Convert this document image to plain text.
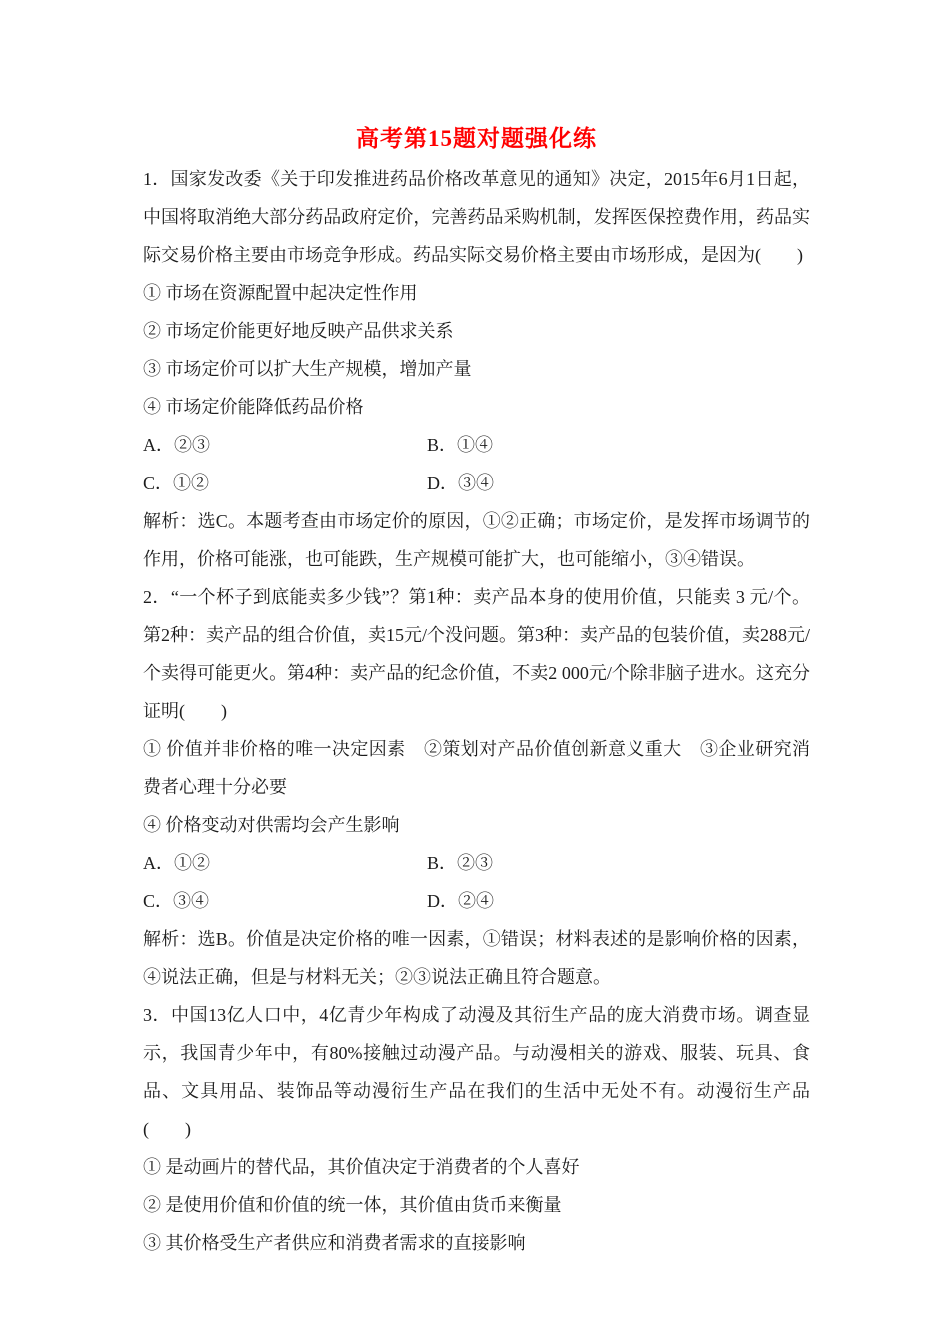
高考第15题对题强化练

1．国家发改委《关于印发推进药品价格改革意见的通知》决定，2015年6月1日起，中国将取消绝大部分药品政府定价，完善药品采购机制，发挥医保控费作用，药品实际交易价格主要由市场竞争形成。药品实际交易价格主要由市场形成，是因为(　　)

① 市场在资源配置中起决定性作用

② 市场定价能更好地反映产品供求关系

③ 市场定价可以扩大生产规模，增加产量

④ 市场定价能降低药品价格

A．②③	B．①④
C．①②	D．③④

解析：选C。本题考查由市场定价的原因，①②正确；市场定价，是发挥市场调节的作用，价格可能涨，也可能跌，生产规模可能扩大，也可能缩小，③④错误。

2．“一个杯子到底能卖多少钱”？第1种：卖产品本身的使用价值，只能卖 3 元/个。第2种：卖产品的组合价值，卖15元/个没问题。第3种：卖产品的包装价值，卖288元/个卖得可能更火。第4种：卖产品的纪念价值，不卖2 000元/个除非脑子进水。这充分证明(　　)

① 价值并非价格的唯一决定因素　②策划对产品价值创新意义重大　③企业研究消费者心理十分必要

④ 价格变动对供需均会产生影响

A．①②	B．②③
C．③④	D．②④

解析：选B。价值是决定价格的唯一因素，①错误；材料表述的是影响价格的因素，④说法正确，但是与材料无关；②③说法正确且符合题意。

3．中国13亿人口中，4亿青少年构成了动漫及其衍生产品的庞大消费市场。调查显示，我国青少年中，有80%接触过动漫产品。与动漫相关的游戏、服装、玩具、食品、文具用品、装饰品等动漫衍生产品在我们的生活中无处不有。动漫衍生产品(　　)

① 是动画片的替代品，其价值决定于消费者的个人喜好

② 是使用价值和价值的统一体，其价值由货币来衡量

③ 其价格受生产者供应和消费者需求的直接影响
